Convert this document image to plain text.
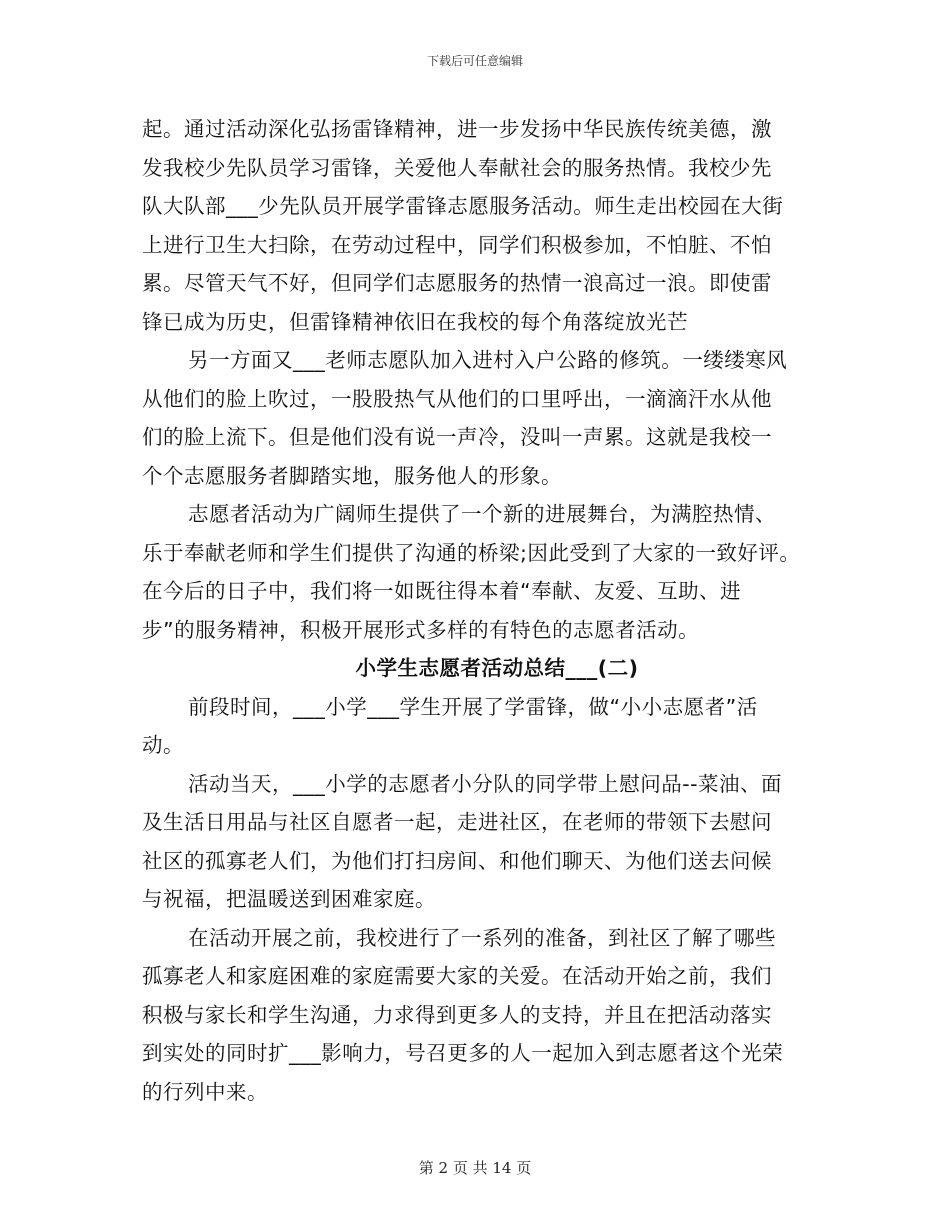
下载后可任意编辑
起。通过活动深化弘扬雷锋精神，进一步发扬中华民族传统美德，激
发我校少先队员学习雷锋，关爱他人奉献社会的服务热情。我校少先
队大队部___少先队员开展学雷锋志愿服务活动。师生走出校园在大街
上进行卫生大扫除，在劳动过程中，同学们积极参加，不怕脏、不怕
累。尽管天气不好，但同学们志愿服务的热情一浪高过一浪。即使雷
锋已成为历史，但雷锋精神依旧在我校的每个角落绽放光芒
另一方面又___老师志愿队加入进村入户公路的修筑。一缕缕寒风
从他们的脸上吹过，一股股热气从他们的口里呼出，一滴滴汗水从他
们的脸上流下。但是他们没有说一声冷，没叫一声累。这就是我校一
个个志愿服务者脚踏实地，服务他人的形象。
志愿者活动为广阔师生提供了一个新的进展舞台，为满腔热情、
乐于奉献老师和学生们提供了沟通的桥梁;因此受到了大家的一致好评。
在今后的日子中，我们将一如既往得本着“奉献、友爱、互助、进
步”的服务精神，积极开展形式多样的有特色的志愿者活动。
小学生志愿者活动总结___(二)
前段时间，___小学___学生开展了学雷锋，做“小小志愿者”活
动。
活动当天，___小学的志愿者小分队的同学带上慰问品--菜油、面
及生活日用品与社区自愿者一起，走进社区，在老师的带领下去慰问
社区的孤寡老人们，为他们打扫房间、和他们聊天、为他们送去问候
与祝福，把温暖送到困难家庭。
在活动开展之前，我校进行了一系列的准备，到社区了解了哪些
孤寡老人和家庭困难的家庭需要大家的关爱。在活动开始之前，我们
积极与家长和学生沟通，力求得到更多人的支持，并且在把活动落实
到实处的同时扩___影响力，号召更多的人一起加入到志愿者这个光荣
的行列中来。
第 2 页 共 14 页
